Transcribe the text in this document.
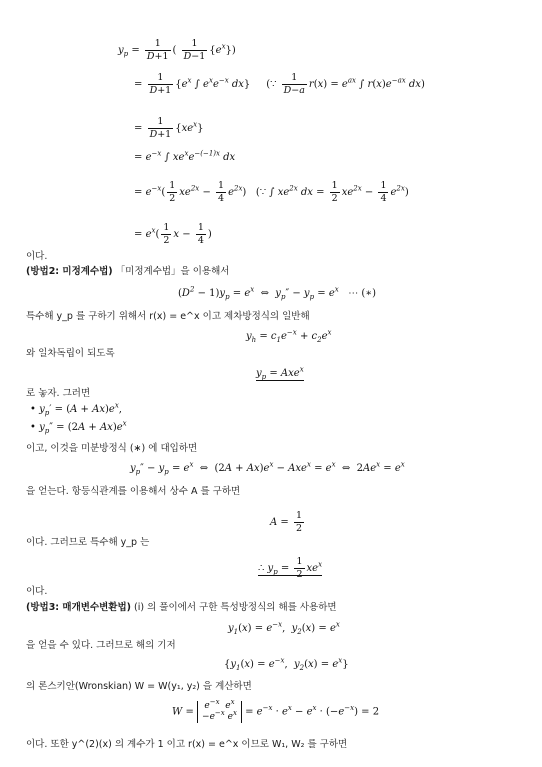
$y_p = \frac{1}{D+1}$ ( $\frac{1}{D-1} \{e^x\}$)
= $\frac{1}{D+1} \{e^x$ ∫ $e^xe^{-x}$ dx} (∵ $\frac{1}{D-a} r(x) = e^{ax}$ ∫ $r(x)e^{-ax}$ dx)
= $\frac{1}{D+1} \{xe^x\}$
= $e^{-x}$ ∫ $xe^xe^{-(-1)x}$ dx
= $e^{-x}( \frac{1}{2} xe^{2x} - \frac{1}{4} e^{2x})$ (∵ ∫ $xe^{2x}$ dx = $\frac{1}{2} xe^{2x} - \frac{1}{4} e^{2x}$)
= $e^x( \frac{1}{2}$ $x - \frac{1}{4}$ )
이다.
(방법2: 미정계수법) 「미정계수법」을 이용해서
$(D^2 - 1)y_p = e^x$ ⇔  $y_p'' - y_p = e^x$ ⋯ (∗)
특수해 y_p 를 구하기 위해서 r(x) = e^x 이고 제차방정식의 일반해
$y_h = c_1e^{-x} + c_2e^x$
와 일차독립이 되도록
$y_p = Axe^x$
로 놓자. 그러면
• $y_p' = (A + Ax)e^x$,
• $y_p'' = (2A + Ax)e^x$
이고, 이것을 미분방정식 (∗) 에 대입하면
$y_p'' - y_p = e^x$ ⇔ $(2A + Ax)e^x - Axe^x = e^x$ ⇔ $2Ae^x = e^x$
을 얻는다. 항등식관계를 이용해서 상수 A 를 구하면
$A = \frac{1}{2}$
이다. 그러므로 특수해 y_p 는
∴ $y_p = \frac{1}{2} xe^x$
이다.
(방법3: 매개변수변환법) (i) 의 풀이에서 구한 특성방정식의 해를 사용하면
$y_1(x) = e^{-x}$,  $y_2(x) = e^x$
을 얻을 수 있다. 그러므로 해의 기저
{$y_1(x) = e^{-x}$,  $y_2(x) = e^x$}
의 론스키안(Wronskian) W = W(y₁, y₂) 을 계산하면
$W = e^{-x}$  $e^x$
$-e^{-x}$ $e^x = e^{-x} \cdot e^x - e^x \cdot (-e^{-x}) = 2$
이다. 또한 y^(2)(x) 의 계수가 1 이고 r(x) = e^x 이므로 W₁, W₂ 를 구하면
